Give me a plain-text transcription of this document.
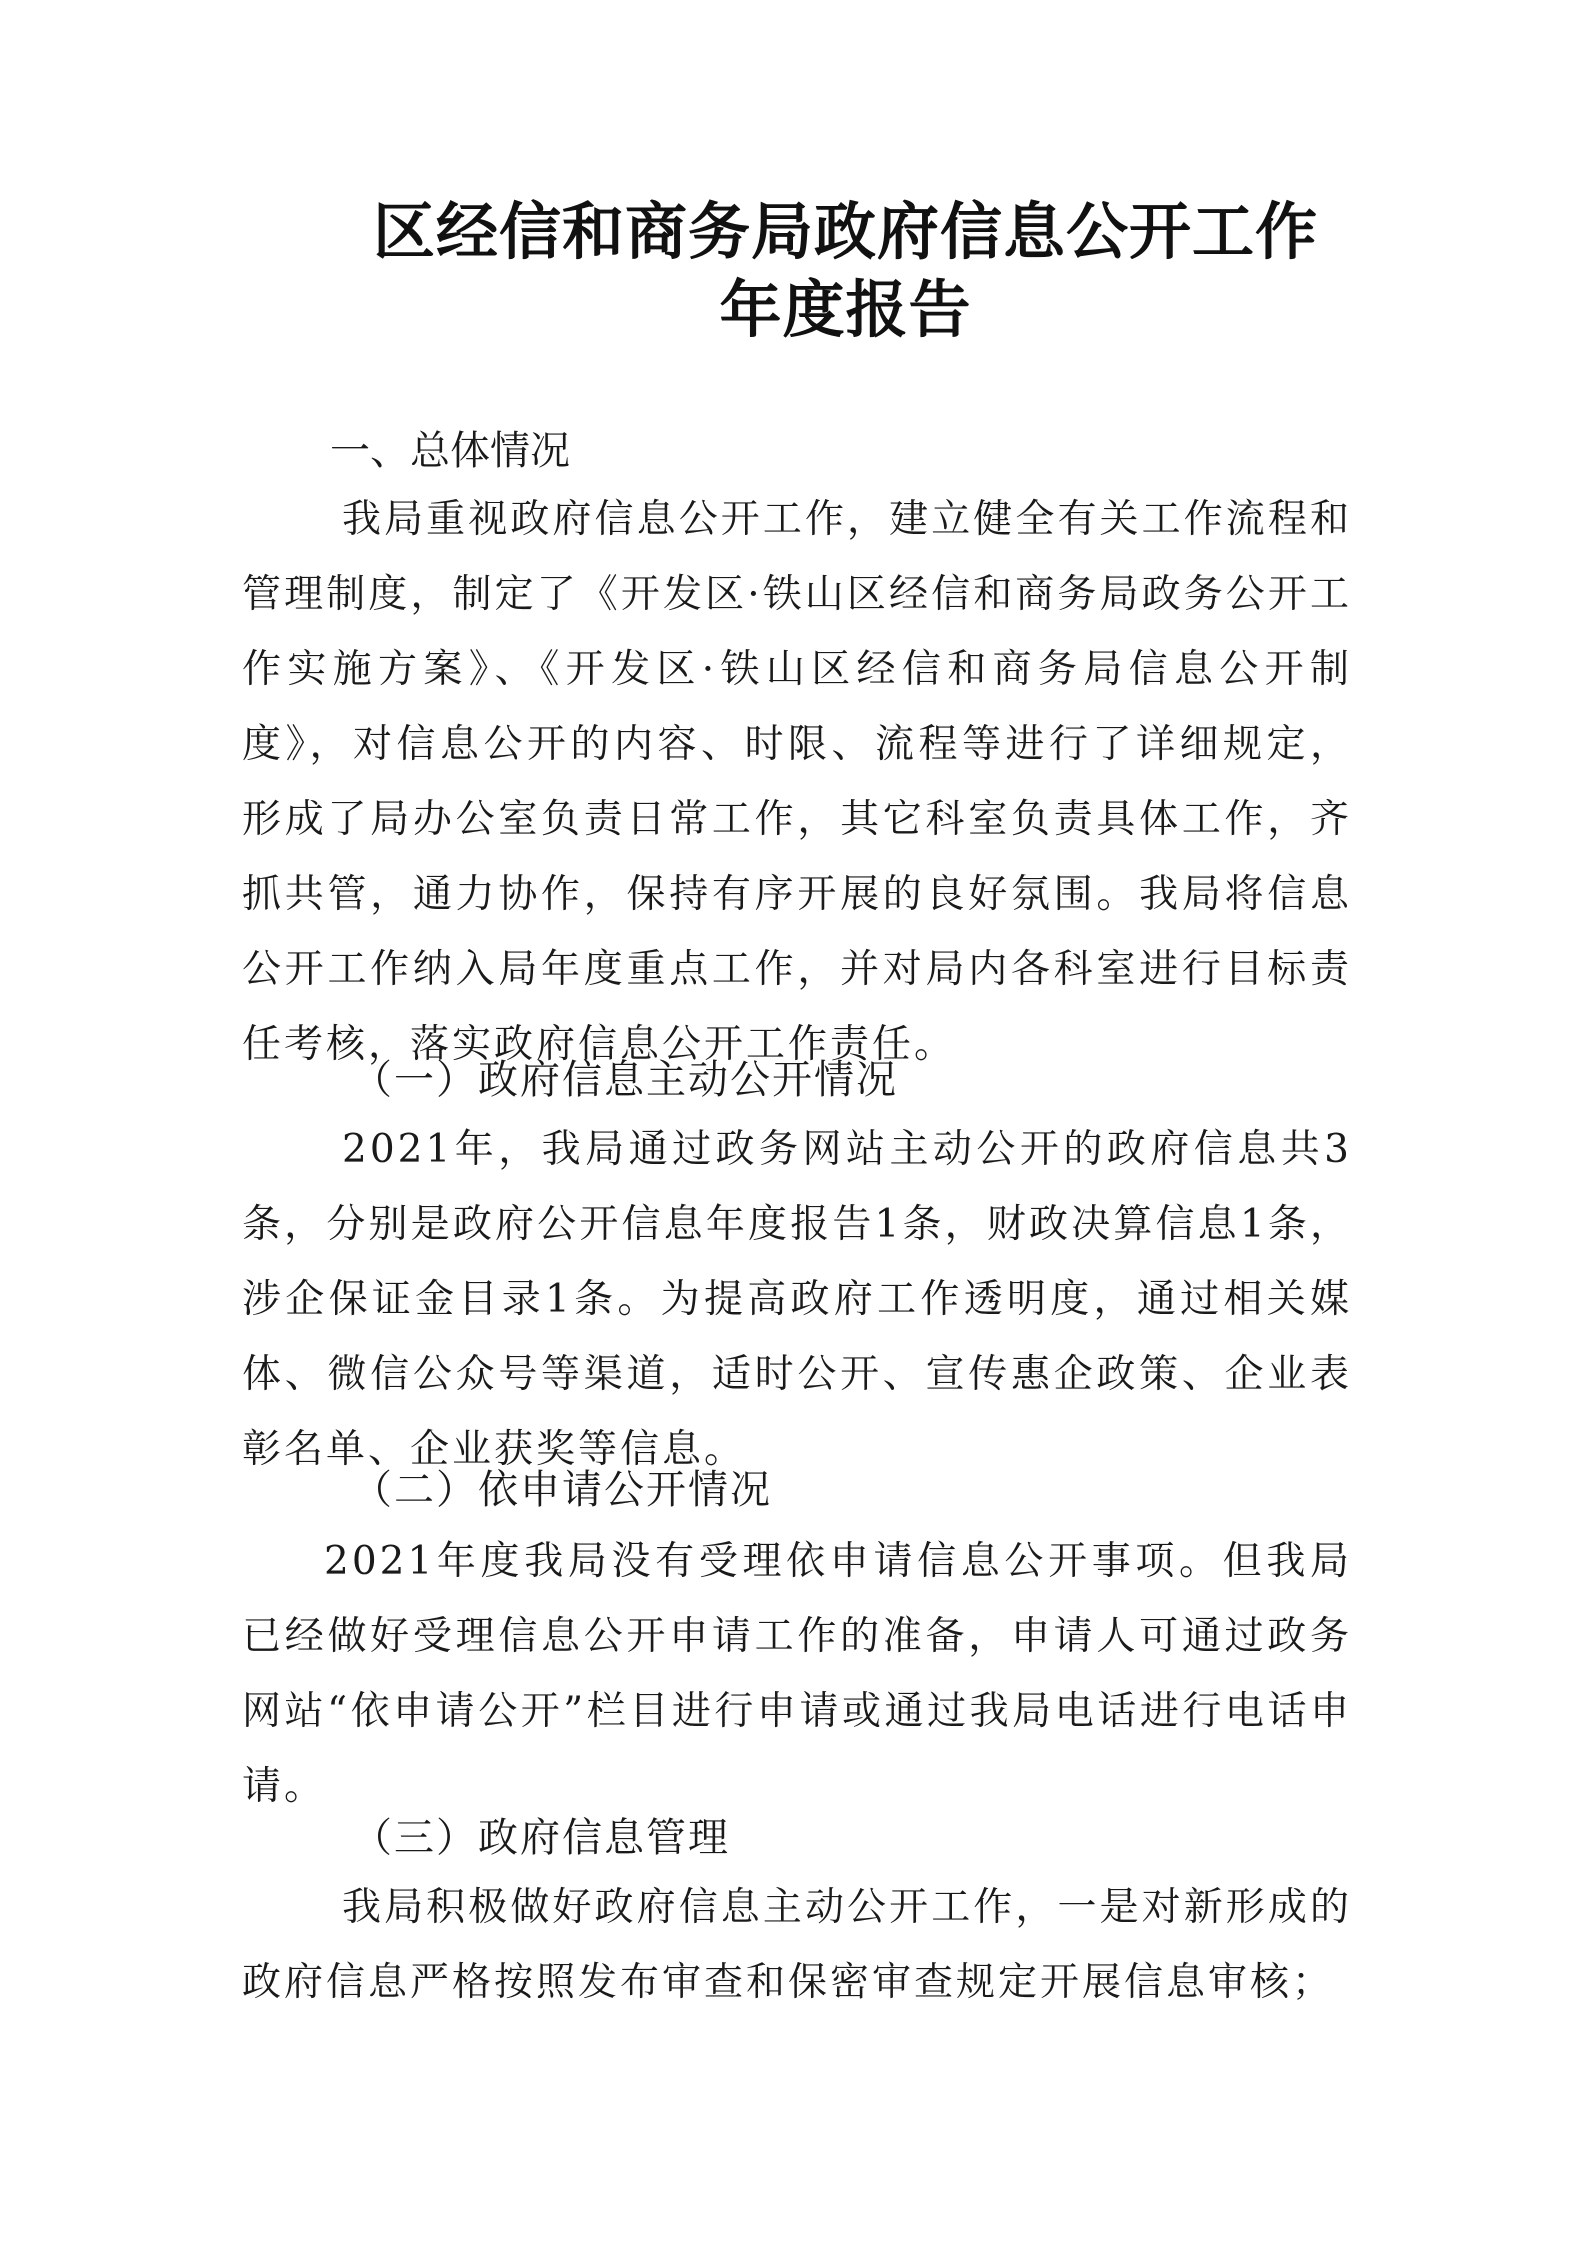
区经信和商务局政府信息公开工作
年度报告
一、总体情况

我局重视政府信息公开工作，建立健全有关工作流程和管理制度，制定了《开发区·铁山区经信和商务局政务公开工作实施方案》、《开发区·铁山区经信和商务局信息公开制度》，对信息公开的内容、时限、流程等进行了详细规定，形成了局办公室负责日常工作，其它科室负责具体工作，齐抓共管，通力协作，保持有序开展的良好氛围。我局将信息公开工作纳入局年度重点工作，并对局内各科室进行目标责任考核，落实政府信息公开工作责任。

（一）政府信息主动公开情况

2021年，我局通过政务网站主动公开的政府信息共3条，分别是政府公开信息年度报告1条，财政决算信息1条，涉企保证金目录1条。为提高政府工作透明度，通过相关媒体、微信公众号等渠道，适时公开、宣传惠企政策、企业表彰名单、企业获奖等信息。

（二）依申请公开情况

2021年度我局没有受理依申请信息公开事项。但我局已经做好受理信息公开申请工作的准备，申请人可通过政务网站“依申请公开”栏目进行申请或通过我局电话进行电话申请。

（三）政府信息管理

我局积极做好政府信息主动公开工作，一是对新形成的政府信息严格按照发布审查和保密审查规定开展信息审核；
